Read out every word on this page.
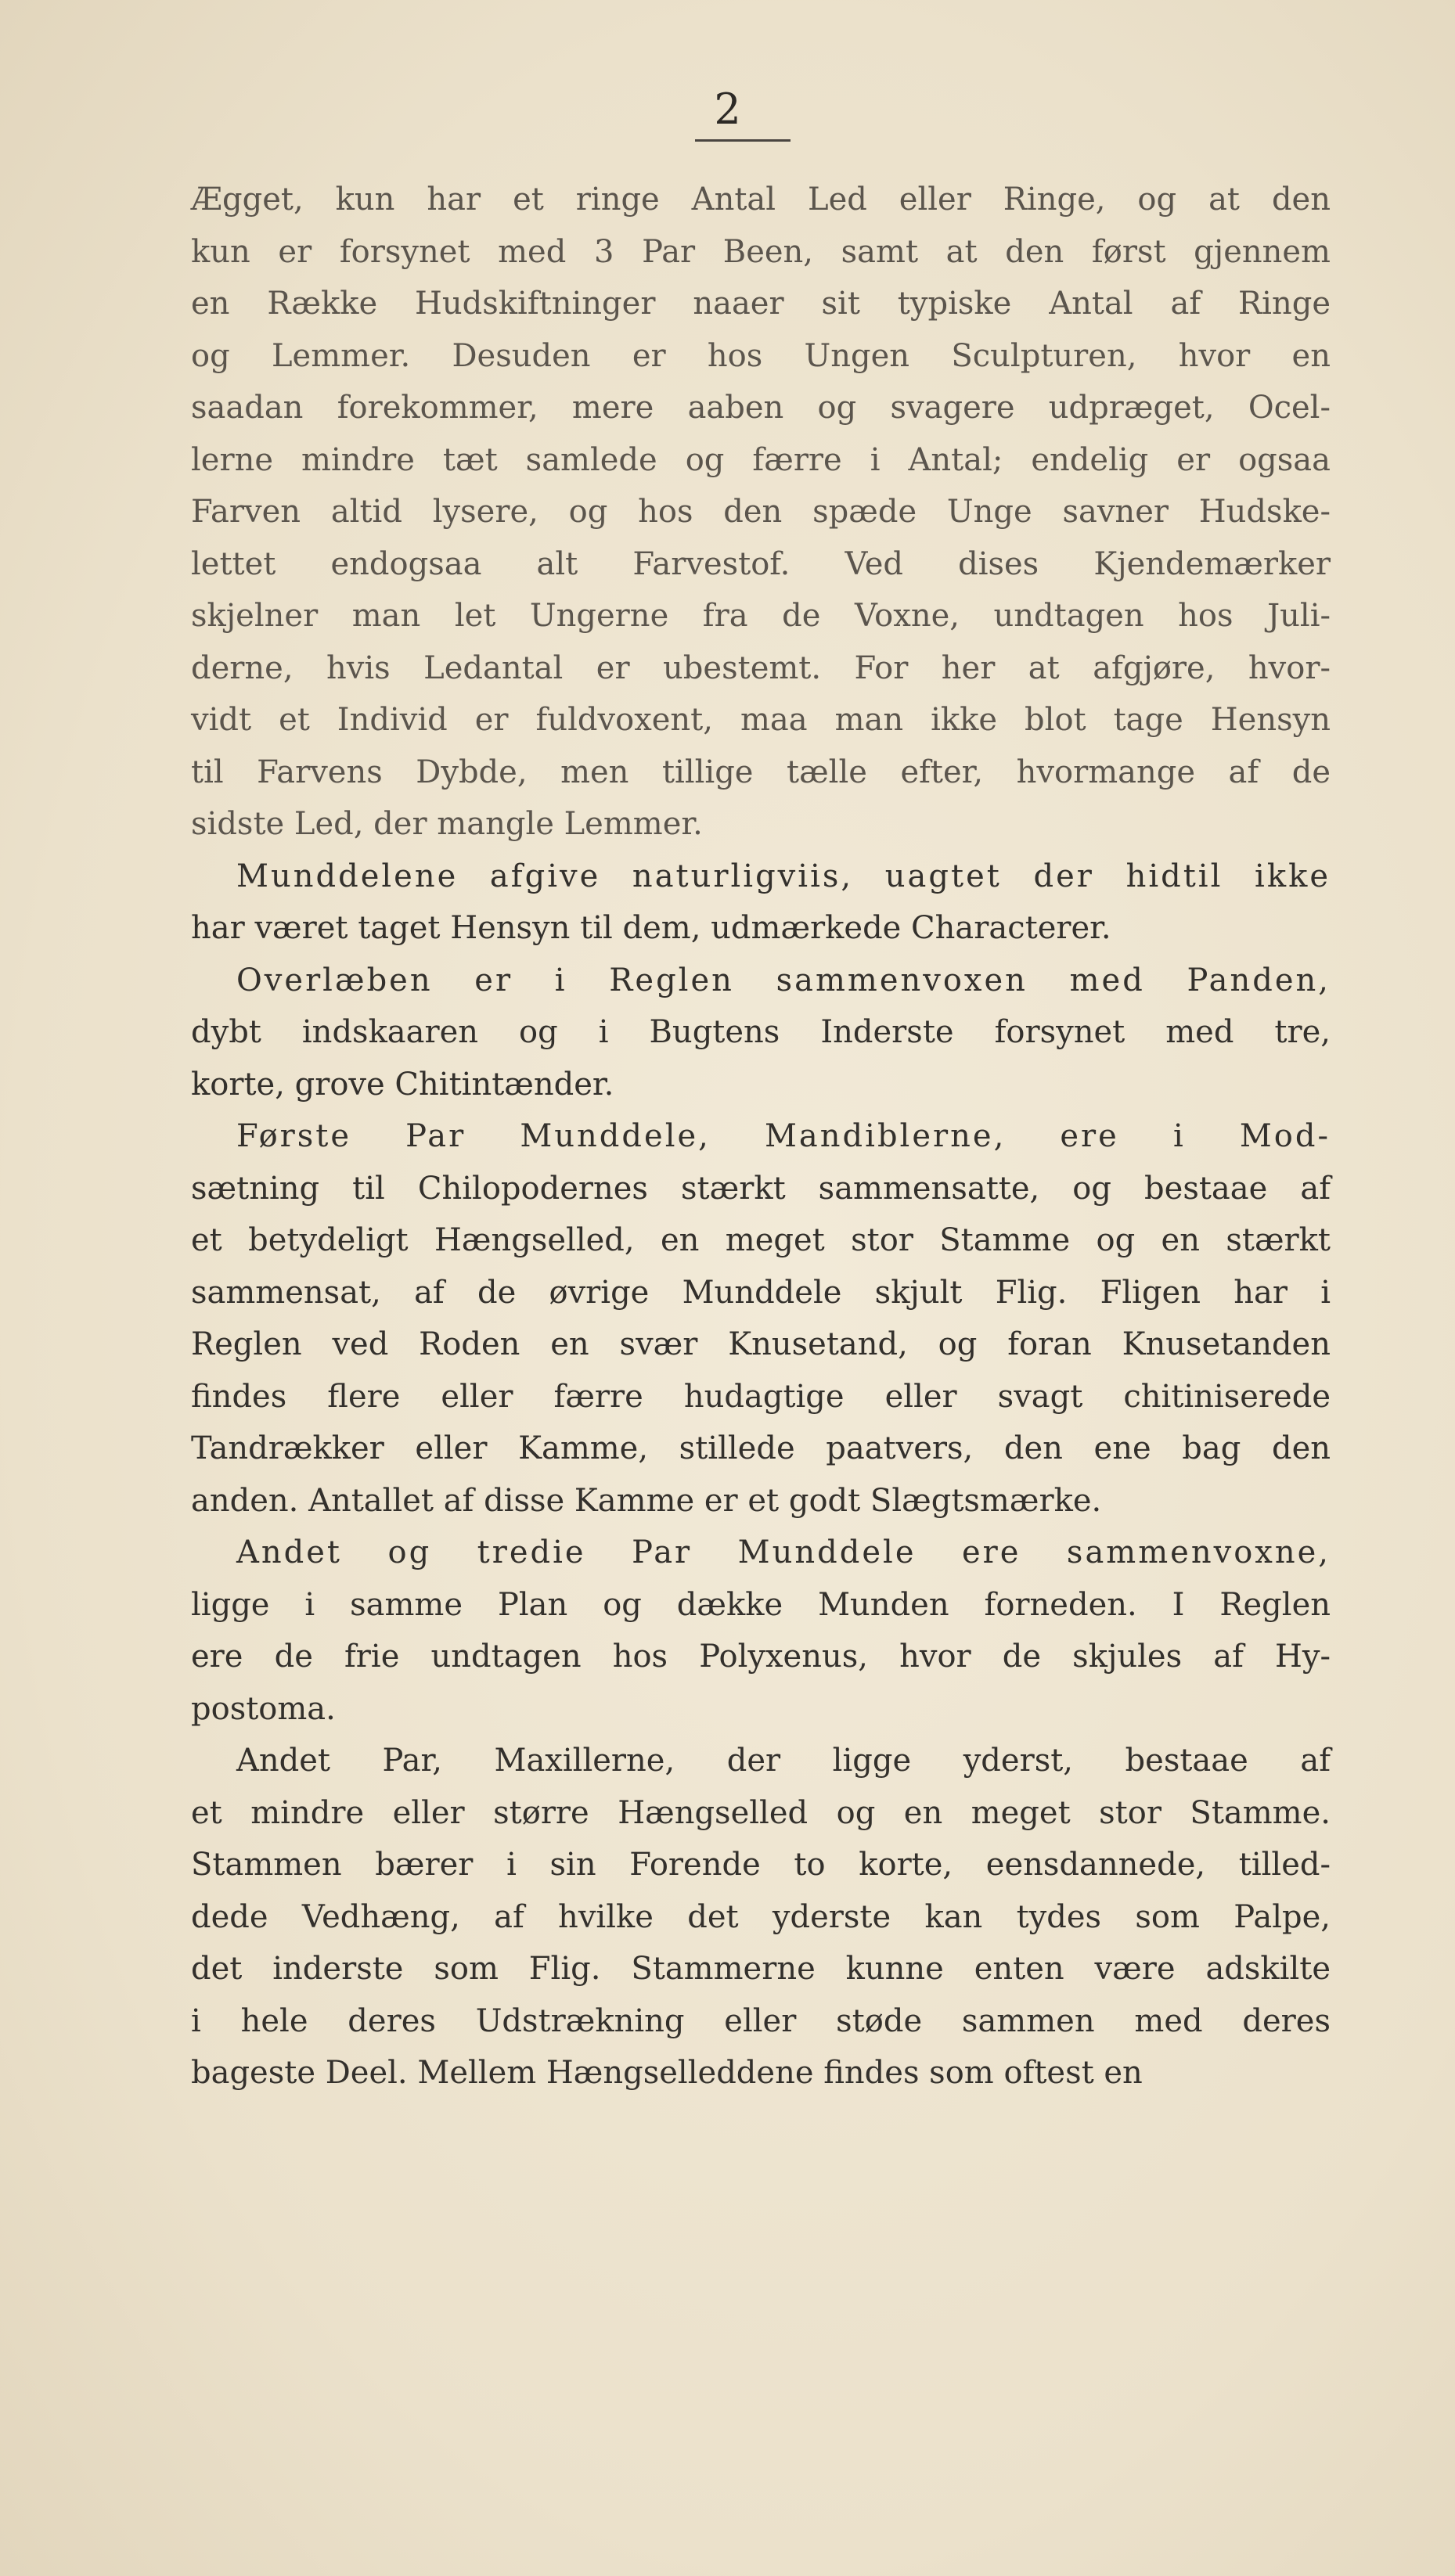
2
Ægget, kun har et ringe Antal Led eller Ringe, og at den
kun er forsynet med 3 Par Been, samt at den først gjennem
en Række Hudskiftninger naaer sit typiske Antal af Ringe
og Lemmer. Desuden er hos Ungen Sculpturen, hvor en
saadan forekommer, mere aaben og svagere udpræget, Ocel-
lerne mindre tæt samlede og færre i Antal; endelig er ogsaa
Farven altid lysere, og hos den spæde Unge savner Hudske-
lettet endogsaa alt Farvestof. Ved dises Kjendemærker
skjelner man let Ungerne fra de Voxne, undtagen hos Juli-
derne, hvis Ledantal er ubestemt. For her at afgjøre, hvor-
vidt et Individ er fuldvoxent, maa man ikke blot tage Hensyn
til Farvens Dybde, men tillige tælle efter, hvormange af de
sidste Led, der mangle Lemmer.
Munddelene afgive naturligviis, uagtet der hidtil ikke
har været taget Hensyn til dem, udmærkede Characterer.
Overlæben er i Reglen sammenvoxen med Panden,
dybt indskaaren og i Bugtens Inderste forsynet med tre,
korte, grove Chitintænder.
Første Par Munddele, Mandiblerne, ere i Mod-
sætning til Chilopodernes stærkt sammensatte, og bestaae af
et betydeligt Hængselled, en meget stor Stamme og en stærkt
sammensat, af de øvrige Munddele skjult Flig. Fligen har i
Reglen ved Roden en svær Knusetand, og foran Knusetanden
findes flere eller færre hudagtige eller svagt chitiniserede
Tandrækker eller Kamme, stillede paatvers, den ene bag den
anden. Antallet af disse Kamme er et godt Slægtsmærke.
Andet og tredie Par Munddele ere sammenvoxne,
ligge i samme Plan og dække Munden forneden. I Reglen
ere de frie undtagen hos Polyxenus, hvor de skjules af Hy-
postoma.
Andet Par, Maxillerne, der ligge yderst, bestaae af
et mindre eller større Hængselled og en meget stor Stamme.
Stammen bærer i sin Forende to korte, eensdannede, tilled-
dede Vedhæng, af hvilke det yderste kan tydes som Palpe,
det inderste som Flig. Stammerne kunne enten være adskilte
i hele deres Udstrækning eller støde sammen med deres
bageste Deel. Mellem Hængselleddene findes som oftest en
